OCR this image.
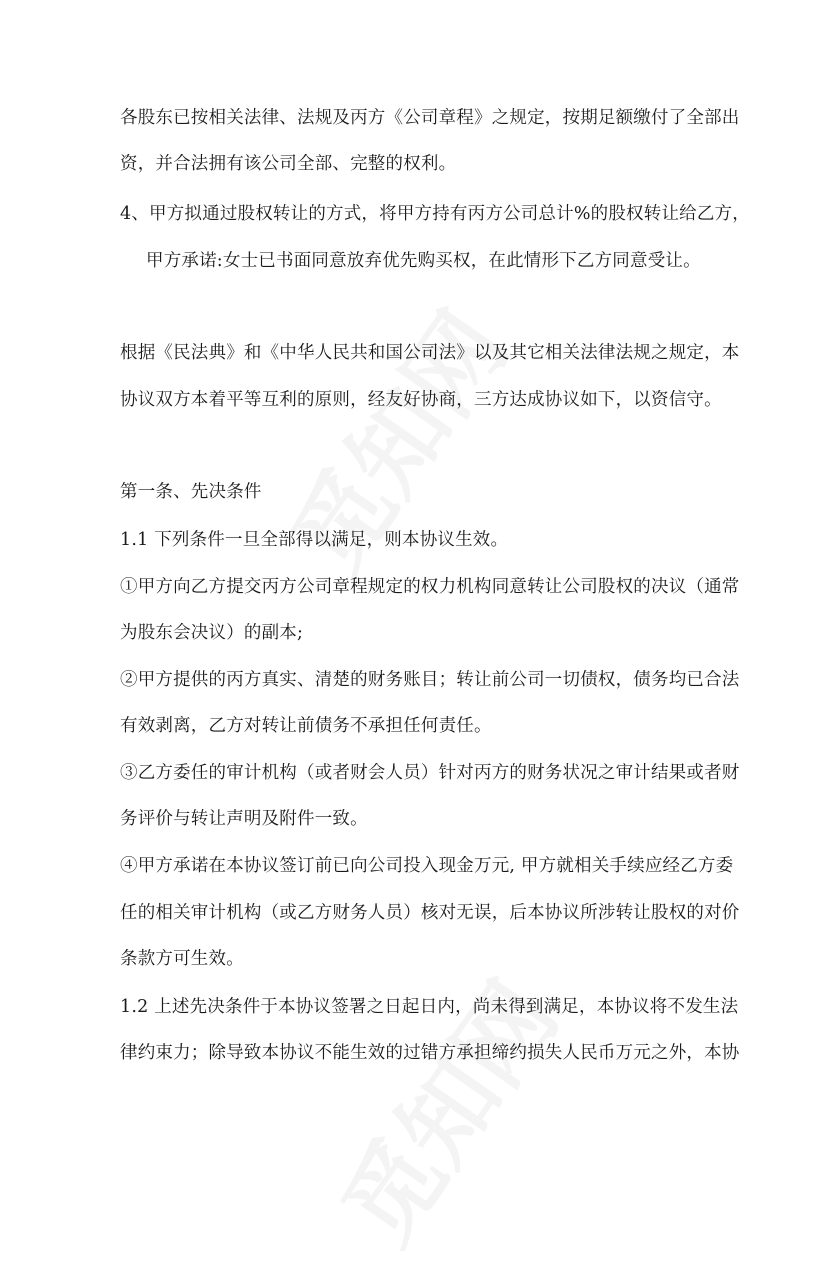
各股东已按相关法律、法规及丙方《公司章程》之规定，按期足额缴付了全部出
资，并合法拥有该公司全部、完整的权利。
4、甲方拟通过股权转让的方式，将甲方持有丙方公司总计%的股权转让给乙方，
甲方承诺:女士已书面同意放弃优先购买权，在此情形下乙方同意受让。
根据《民法典》和《中华人民共和国公司法》以及其它相关法律法规之规定，本
协议双方本着平等互利的原则，经友好协商，三方达成协议如下，以资信守。
第一条、先决条件
1.1 下列条件一旦全部得以满足，则本协议生效。
①甲方向乙方提交丙方公司章程规定的权力机构同意转让公司股权的决议（通常
为股东会决议）的副本;
②甲方提供的丙方真实、清楚的财务账目；转让前公司一切债权，债务均已合法
有效剥离，乙方对转让前债务不承担任何责任。
③乙方委任的审计机构（或者财会人员）针对丙方的财务状况之审计结果或者财
务评价与转让声明及附件一致。
④甲方承诺在本协议签订前已向公司投入现金万元, 甲方就相关手续应经乙方委
任的相关审计机构（或乙方财务人员）核对无误，后本协议所涉转让股权的对价
条款方可生效。
1.2 上述先决条件于本协议签署之日起日内，尚未得到满足，本协议将不发生法
律约束力；除导致本协议不能生效的过错方承担缔约损失人民币万元之外，本协
